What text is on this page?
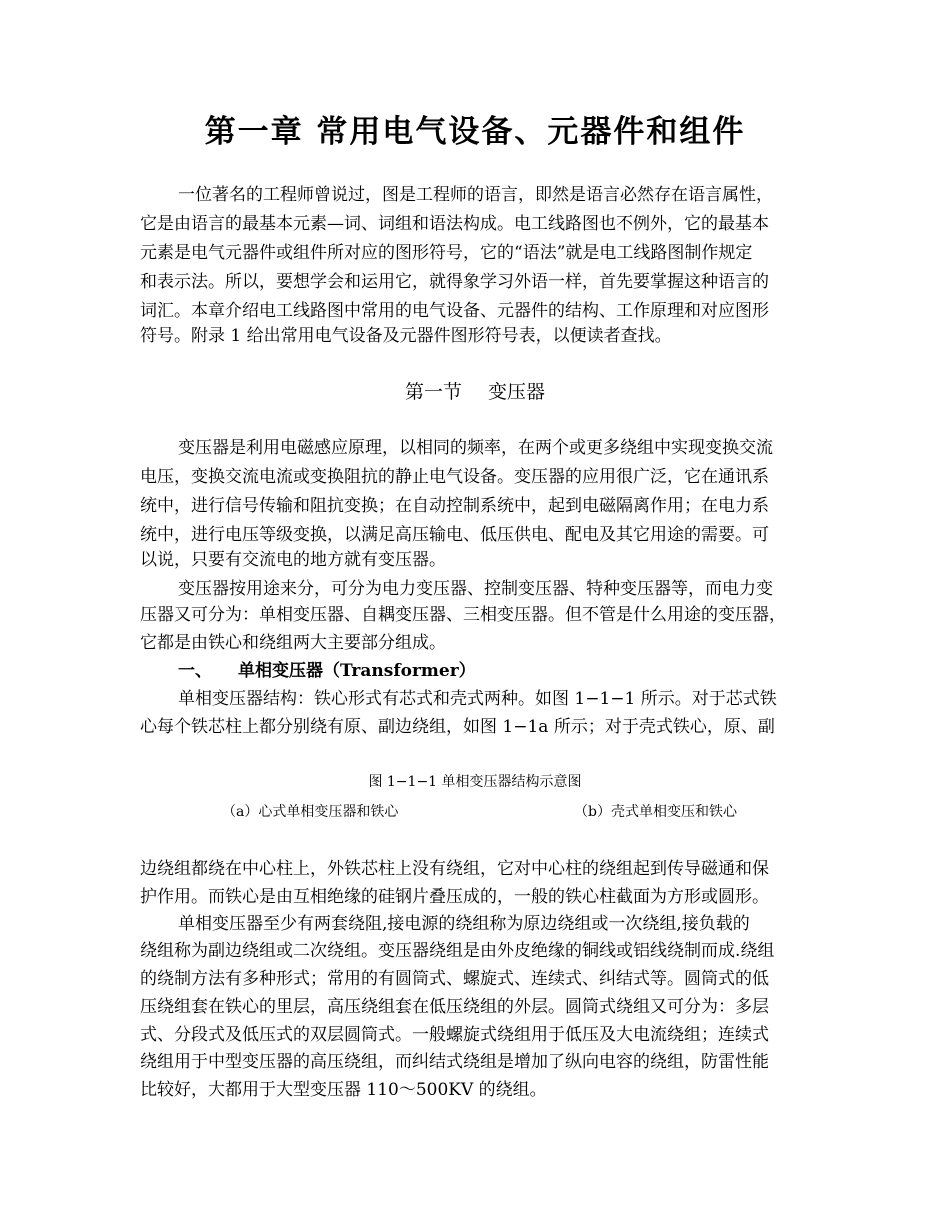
第一章 常用电气设备、元器件和组件
一位著名的工程师曾说过，图是工程师的语言，即然是语言必然存在语言属性，
它是由语言的最基本元素—词、词组和语法构成。电工线路图也不例外，它的最基本
元素是电气元器件或组件所对应的图形符号，它的“语法”就是电工线路图制作规定
和表示法。所以，要想学会和运用它，就得象学习外语一样，首先要掌握这种语言的
词汇。本章介绍电工线路图中常用的电气设备、元器件的结构、工作原理和对应图形
符号。附录 1 给出常用电气设备及元器件图形符号表，以便读者查找。
第一节 变压器
变压器是利用电磁感应原理，以相同的频率，在两个或更多绕组中实现变换交流
电压，变换交流电流或变换阻抗的静止电气设备。变压器的应用很广泛，它在通讯系
统中，进行信号传输和阻抗变换；在自动控制系统中，起到电磁隔离作用；在电力系
统中，进行电压等级变换，以满足高压输电、低压供电、配电及其它用途的需要。可
以说，只要有交流电的地方就有变压器。
变压器按用途来分，可分为电力变压器、控制变压器、特种变压器等，而电力变
压器又可分为：单相变压器、自耦变压器、三相变压器。但不管是什么用途的变压器，
它都是由铁心和绕组两大主要部分组成。
一、 单相变压器（Transformer）
单相变压器结构：铁心形式有芯式和壳式两种。如图 1−1−1 所示。对于芯式铁
心每个铁芯柱上都分别绕有原、副边绕组，如图 1−1a 所示；对于壳式铁心，原、副
图 1−1−1 单相变压器结构示意图
（a）心式单相变压器和铁心	（b）壳式单相变压和铁心
边绕组都绕在中心柱上，外铁芯柱上没有绕组，它对中心柱的绕组起到传导磁通和保
护作用。而铁心是由互相绝缘的硅钢片叠压成的，一般的铁心柱截面为方形或圆形。
单相变压器至少有两套绕阻,接电源的绕组称为原边绕组或一次绕组,接负载的
绕组称为副边绕组或二次绕组。变压器绕组是由外皮绝缘的铜线或铝线绕制而成.绕组
的绕制方法有多种形式；常用的有圆筒式、螺旋式、连续式、纠结式等。圆筒式的低
压绕组套在铁心的里层，高压绕组套在低压绕组的外层。圆筒式绕组又可分为：多层
式、分段式及低压式的双层圆筒式。一般螺旋式绕组用于低压及大电流绕组；连续式
绕组用于中型变压器的高压绕组，而纠结式绕组是增加了纵向电容的绕组，防雷性能
比较好，大都用于大型变压器 110～500KV 的绕组。
